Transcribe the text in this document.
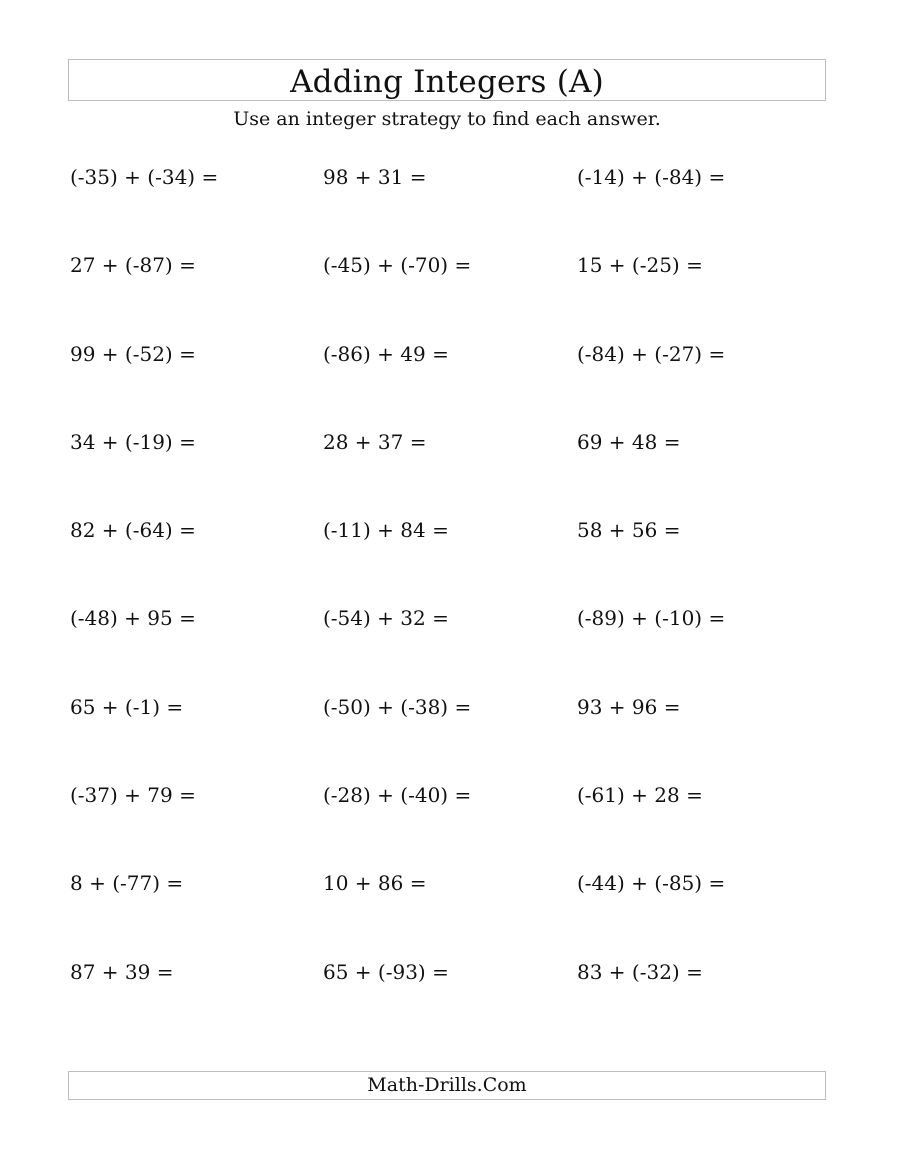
Adding Integers (A)
Use an integer strategy to find each answer.
(-35) + (-34) =	98 + 31 =	(-14) + (-84) =
27 + (-87) =	(-45) + (-70) =	15 + (-25) =
99 + (-52) =	(-86) + 49 =	(-84) + (-27) =
34 + (-19) =	28 + 37 =	69 + 48 =
82 + (-64) =	(-11) + 84 =	58 + 56 =
(-48) + 95 =	(-54) + 32 =	(-89) + (-10) =
65 + (-1) =	(-50) + (-38) =	93 + 96 =
(-37) + 79 =	(-28) + (-40) =	(-61) + 28 =
8 + (-77) =	10 + 86 =	(-44) + (-85) =
87 + 39 =	65 + (-93) =	83 + (-32) =
Math-Drills.Com
